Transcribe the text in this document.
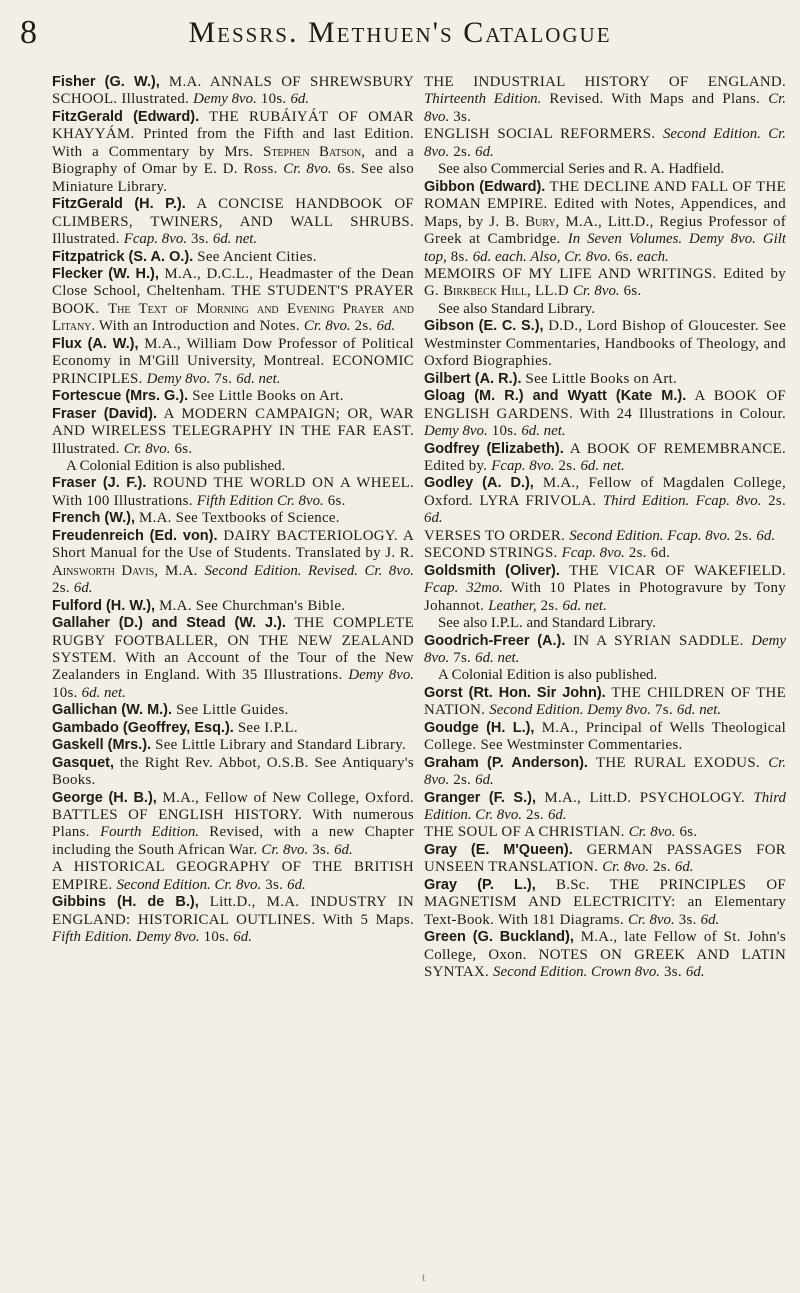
8	Messrs. Methuen's Catalogue

Fisher (G. W.), M.A. ANNALS OF SHREWSBURY SCHOOL. Illustrated. Demy 8vo. 10s. 6d.

FitzGerald (Edward). THE RUBÁIYÁT OF OMAR KHAYYÁM. Printed from the Fifth and last Edition. With a Commentary by Mrs. Stephen Batson, and a Biography of Omar by E. D. Ross. Cr. 8vo. 6s. See also Miniature Library.

FitzGerald (H. P.). A CONCISE HANDBOOK OF CLIMBERS, TWINERS, AND WALL SHRUBS. Illustrated. Fcap. 8vo. 3s. 6d. net.

Fitzpatrick (S. A. O.). See Ancient Cities.

Flecker (W. H.), M.A., D.C.L., Headmaster of the Dean Close School, Cheltenham. THE STUDENT'S PRAYER BOOK. The Text of Morning and Evening Prayer and Litany. With an Introduction and Notes. Cr. 8vo. 2s. 6d.

Flux (A. W.), M.A., William Dow Professor of Political Economy in M'Gill University, Montreal. ECONOMIC PRINCIPLES. Demy 8vo. 7s. 6d. net.

Fortescue (Mrs. G.). See Little Books on Art.

Fraser (David). A MODERN CAMPAIGN; OR, WAR AND WIRELESS TELEGRAPHY IN THE FAR EAST. Illustrated. Cr. 8vo. 6s.

A Colonial Edition is also published.

Fraser (J. F.). ROUND THE WORLD ON A WHEEL. With 100 Illustrations. Fifth Edition Cr. 8vo. 6s.

French (W.), M.A. See Textbooks of Science.

Freudenreich (Ed. von). DAIRY BACTERIOLOGY. A Short Manual for the Use of Students. Translated by J. R. Ainsworth Davis, M.A. Second Edition. Revised. Cr. 8vo. 2s. 6d.

Fulford (H. W.), M.A. See Churchman's Bible.

Gallaher (D.) and Stead (W. J.). THE COMPLETE RUGBY FOOTBALLER, ON THE NEW ZEALAND SYSTEM. With an Account of the Tour of the New Zealanders in England. With 35 Illustrations. Demy 8vo. 10s. 6d. net.

Gallichan (W. M.). See Little Guides.

Gambado (Geoffrey, Esq.). See I.P.L.

Gaskell (Mrs.). See Little Library and Standard Library.

Gasquet, the Right Rev. Abbot, O.S.B. See Antiquary's Books.

George (H. B.), M.A., Fellow of New College, Oxford. BATTLES OF ENGLISH HISTORY. With numerous Plans. Fourth Edition. Revised, with a new Chapter including the South African War. Cr. 8vo. 3s. 6d.

A HISTORICAL GEOGRAPHY OF THE BRITISH EMPIRE. Second Edition. Cr. 8vo. 3s. 6d.

Gibbins (H. de B.), Litt.D., M.A. INDUSTRY IN ENGLAND: HISTORICAL OUTLINES. With 5 Maps. Fifth Edition. Demy 8vo. 10s. 6d.

THE INDUSTRIAL HISTORY OF ENGLAND. Thirteenth Edition. Revised. With Maps and Plans. Cr. 8vo. 3s.

ENGLISH SOCIAL REFORMERS. Second Edition. Cr. 8vo. 2s. 6d.

See also Commercial Series and R. A. Hadfield.

Gibbon (Edward). THE DECLINE AND FALL OF THE ROMAN EMPIRE. Edited with Notes, Appendices, and Maps, by J. B. Bury, M.A., Litt.D., Regius Professor of Greek at Cambridge. In Seven Volumes. Demy 8vo. Gilt top, 8s. 6d. each. Also, Cr. 8vo. 6s. each.

MEMOIRS OF MY LIFE AND WRITINGS. Edited by G. Birkbeck Hill, LL.D Cr. 8vo. 6s.

See also Standard Library.

Gibson (E. C. S.), D.D., Lord Bishop of Gloucester. See Westminster Commentaries, Handbooks of Theology, and Oxford Biographies.

Gilbert (A. R.). See Little Books on Art.

Gloag (M. R.) and Wyatt (Kate M.). A BOOK OF ENGLISH GARDENS. With 24 Illustrations in Colour. Demy 8vo. 10s. 6d. net.

Godfrey (Elizabeth). A BOOK OF REMEMBRANCE. Edited by. Fcap. 8vo. 2s. 6d. net.

Godley (A. D.), M.A., Fellow of Magdalen College, Oxford. LYRA FRIVOLA. Third Edition. Fcap. 8vo. 2s. 6d.

VERSES TO ORDER. Second Edition. Fcap. 8vo. 2s. 6d.

SECOND STRINGS. Fcap. 8vo. 2s. 6d.

Goldsmith (Oliver). THE VICAR OF WAKEFIELD. Fcap. 32mo. With 10 Plates in Photogravure by Tony Johannot. Leather, 2s. 6d. net.

See also I.P.L. and Standard Library.

Goodrich-Freer (A.). IN A SYRIAN SADDLE. Demy 8vo. 7s. 6d. net.

A Colonial Edition is also published.

Gorst (Rt. Hon. Sir John). THE CHILDREN OF THE NATION. Second Edition. Demy 8vo. 7s. 6d. net.

Goudge (H. L.), M.A., Principal of Wells Theological College. See Westminster Commentaries.

Graham (P. Anderson). THE RURAL EXODUS. Cr. 8vo. 2s. 6d.

Granger (F. S.), M.A., Litt.D. PSYCHOLOGY. Third Edition. Cr. 8vo. 2s. 6d.

THE SOUL OF A CHRISTIAN. Cr. 8vo. 6s.

Gray (E. M'Queen). GERMAN PASSAGES FOR UNSEEN TRANSLATION. Cr. 8vo. 2s. 6d.

Gray (P. L.), B.Sc. THE PRINCIPLES OF MAGNETISM AND ELECTRICITY: an Elementary Text-Book. With 181 Diagrams. Cr. 8vo. 3s. 6d.

Green (G. Buckland), M.A., late Fellow of St. John's College, Oxon. NOTES ON GREEK AND LATIN SYNTAX. Second Edition. Crown 8vo. 3s. 6d.

t
